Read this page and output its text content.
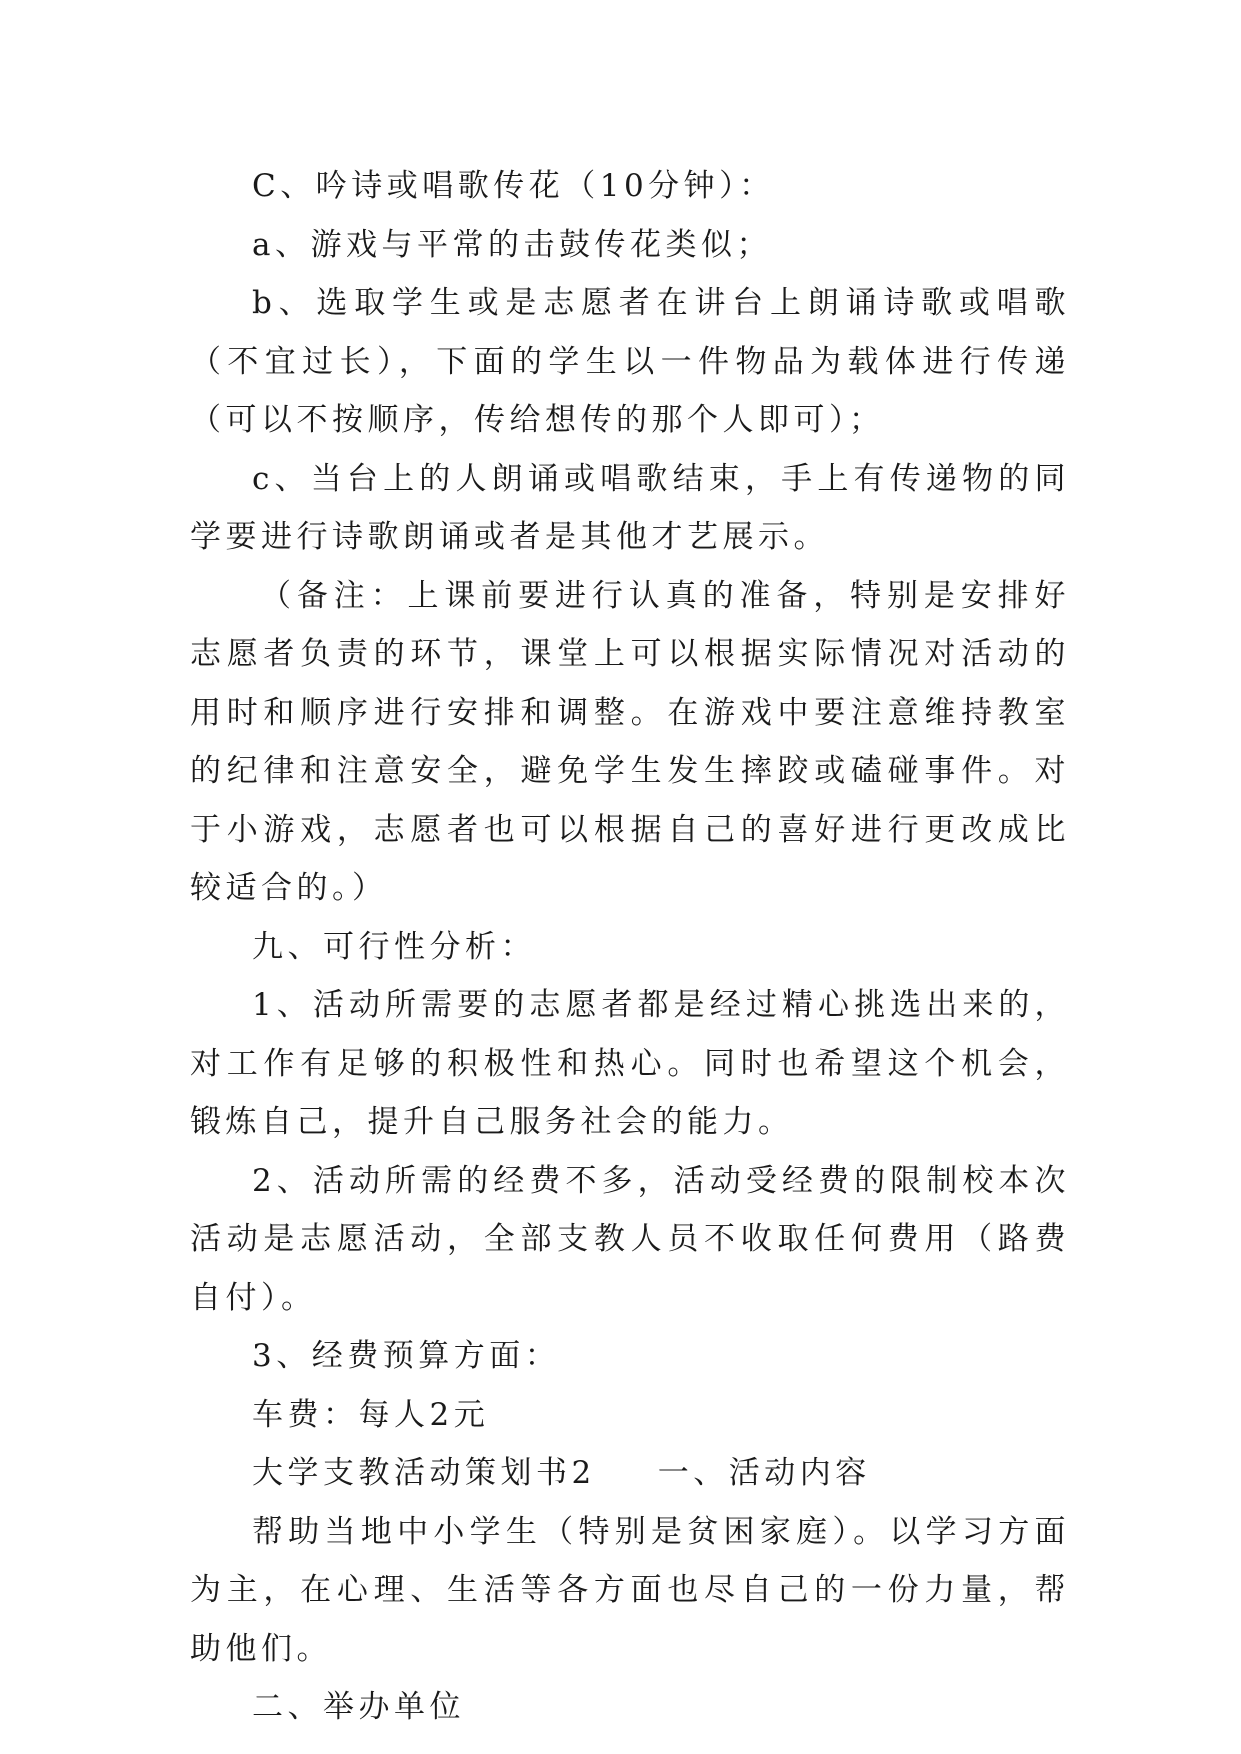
C、吟诗或唱歌传花（10分钟）：

a、游戏与平常的击鼓传花类似；

b、选取学生或是志愿者在讲台上朗诵诗歌或唱歌（不宜过长），下面的学生以一件物品为载体进行传递（可以不按顺序，传给想传的那个人即可）；

c、当台上的人朗诵或唱歌结束，手上有传递物的同学要进行诗歌朗诵或者是其他才艺展示。

（备注：上课前要进行认真的准备，特别是安排好志愿者负责的环节，课堂上可以根据实际情况对活动的用时和顺序进行安排和调整。在游戏中要注意维持教室的纪律和注意安全，避免学生发生摔跤或磕碰事件。对于小游戏，志愿者也可以根据自己的喜好进行更改成比较适合的。）

九、可行性分析：

1、活动所需要的志愿者都是经过精心挑选出来的，对工作有足够的积极性和热心。同时也希望这个机会，锻炼自己，提升自己服务社会的能力。

2、活动所需的经费不多，活动受经费的限制校本次活动是志愿活动，全部支教人员不收取任何费用（路费自付）。

3、经费预算方面：

车费：每人2元

大学支教活动策划书2 一、活动内容

帮助当地中小学生（特别是贫困家庭）。以学习方面为主，在心理、生活等各方面也尽自己的一份力量，帮助他们。

二、举办单位
